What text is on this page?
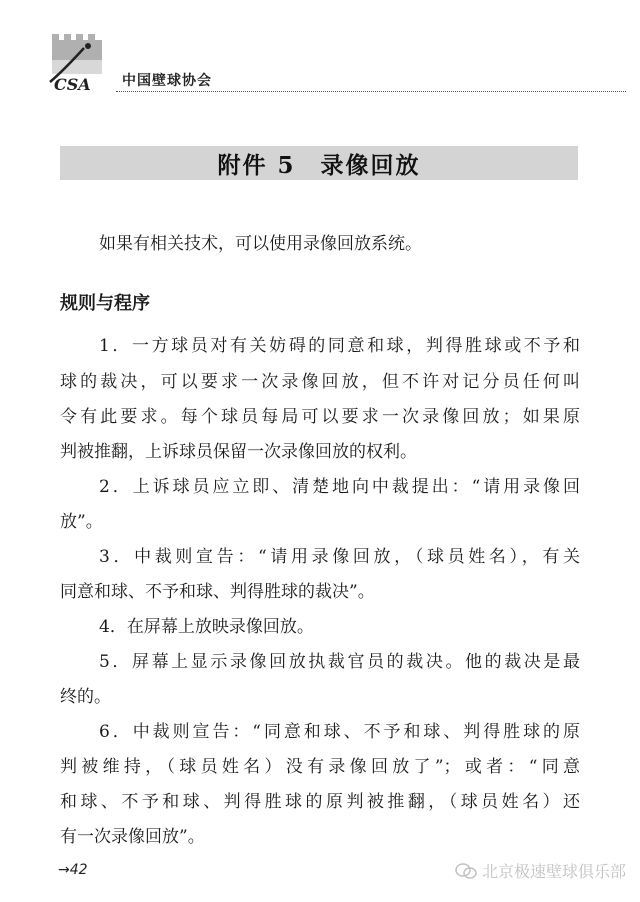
CSA 中国壁球协会
附件 5　录像回放
如果有相关技术，可以使用录像回放系统。
规则与程序
1．一方球员对有关妨碍的同意和球，判得胜球或不予和
球的裁决，可以要求一次录像回放，但不许对记分员任何叫
令有此要求。每个球员每局可以要求一次录像回放；如果原
判被推翻，上诉球员保留一次录像回放的权利。
2．上诉球员应立即、清楚地向中裁提出：“请用录像回
放”。
3．中裁则宣告：“请用录像回放，（球员姓名），有关
同意和球、不予和球、判得胜球的裁决”。
4．在屏幕上放映录像回放。
5．屏幕上显示录像回放执裁官员的裁决。他的裁决是最
终的。
6．中裁则宣告：“同意和球、不予和球、判得胜球的原
判被维持，（球员姓名）没有录像回放了”；或者：“同意
和球、不予和球、判得胜球的原判被推翻，（球员姓名）还
有一次录像回放”。
→42	北京极速壁球俱乐部
